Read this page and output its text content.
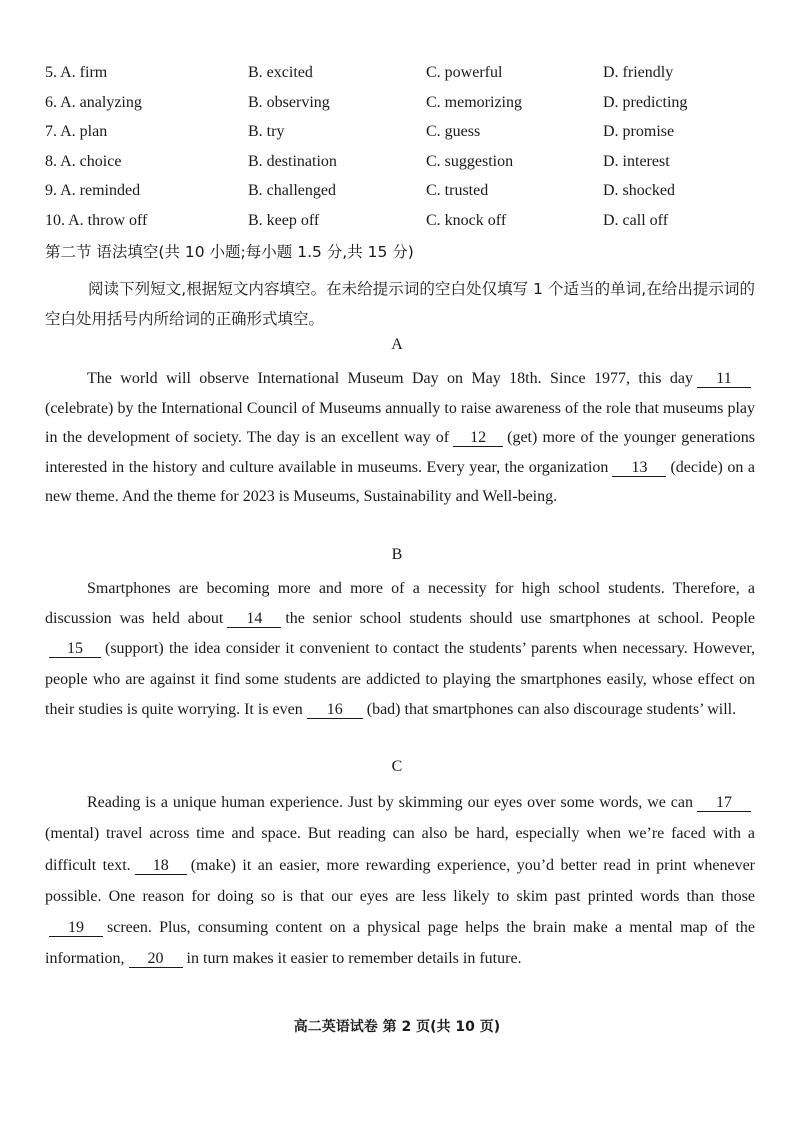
5. A. firm	B. excited	C. powerful	D. friendly
6. A. analyzing	B. observing	C. memorizing	D. predicting
7. A. plan	B. try	C. guess	D. promise
8. A. choice	B. destination	C. suggestion	D. interest
9. A. reminded	B. challenged	C. trusted	D. shocked
10. A. throw off	B. keep off	C. knock off	D. call off
第二节 语法填空(共 10 小题;每小题 1.5 分,共 15 分)
阅读下列短文,根据短文内容填空。在未给提示词的空白处仅填写 1 个适当的单词,在给出提示词的空白处用括号内所给词的正确形式填空。
A
The world will observe International Museum Day on May 18th. Since 1977, this day 11(celebrate) by the International Council of Museums annually to raise awareness of the role that museums play in the development of society. The day is an excellent way of 12 (get) more of the younger generations interested in the history and culture available in museums. Every year, the organization 13 (decide) on a new theme. And the theme for 2023 is Museums, Sustainability and Well-being.
B
Smartphones are becoming more and more of a necessity for high school students. Therefore, a discussion was held about 14 the senior school students should use smartphones at school. People15 (support) the idea consider it convenient to contact the students’ parents when necessary. However, people who are against it find some students are addicted to playing the smartphones easily, whose effect on their studies is quite worrying. It is even 16 (bad) that smartphones can also discourage students’ will.
C
Reading is a unique human experience. Just by skimming our eyes over some words, we can 17(mental) travel across time and space. But reading can also be hard, especially when we’re faced with a difficult text. 18 (make) it an easier, more rewarding experience, you’d better read in print whenever possible. One reason for doing so is that our eyes are less likely to skim past printed words than those19 screen. Plus, consuming content on a physical page helps the brain make a mental map of the information, 20 in turn makes it easier to remember details in future.
高二英语试卷 第 2 页(共 10 页)
